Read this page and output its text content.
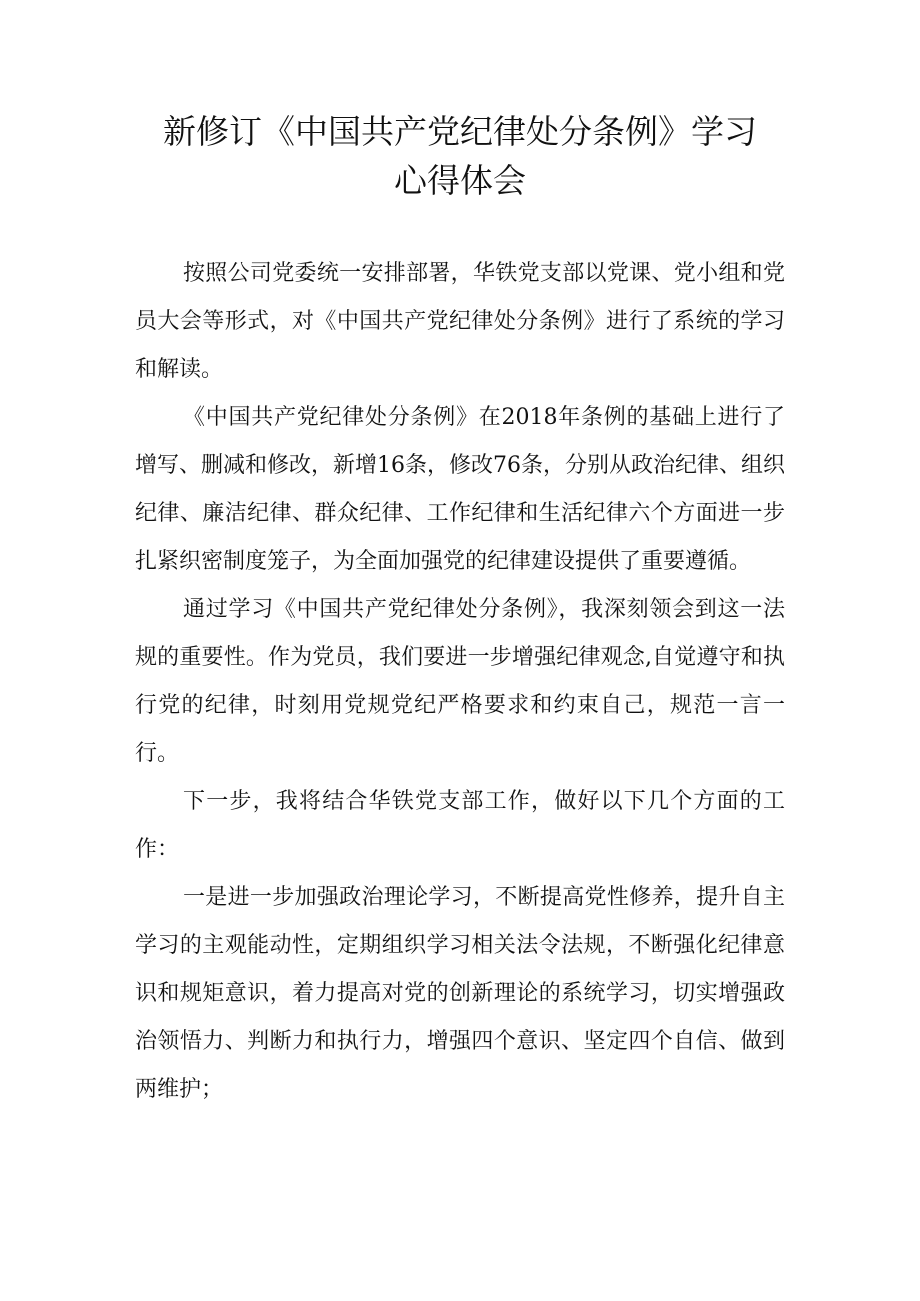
新修订《中国共产党纪律处分条例》学习
心得体会

按照公司党委统一安排部署，华铁党支部以党课、党小组和党员大会等形式，对《中国共产党纪律处分条例》进行了系统的学习和解读。

《中国共产党纪律处分条例》在2018年条例的基础上进行了增写、删减和修改，新增16条，修改76条，分别从政治纪律、组织纪律、廉洁纪律、群众纪律、工作纪律和生活纪律六个方面进一步扎紧织密制度笼子，为全面加强党的纪律建设提供了重要遵循。

通过学习《中国共产党纪律处分条例》，我深刻领会到这一法规的重要性。作为党员，我们要进一步增强纪律观念,自觉遵守和执行党的纪律，时刻用党规党纪严格要求和约束自己，规范一言一行。

下一步，我将结合华铁党支部工作，做好以下几个方面的工作：

一是进一步加强政治理论学习，不断提高党性修养，提升自主学习的主观能动性，定期组织学习相关法令法规，不断强化纪律意识和规矩意识，着力提高对党的创新理论的系统学习，切实增强政治领悟力、判断力和执行力，增强四个意识、坚定四个自信、做到两维护；
